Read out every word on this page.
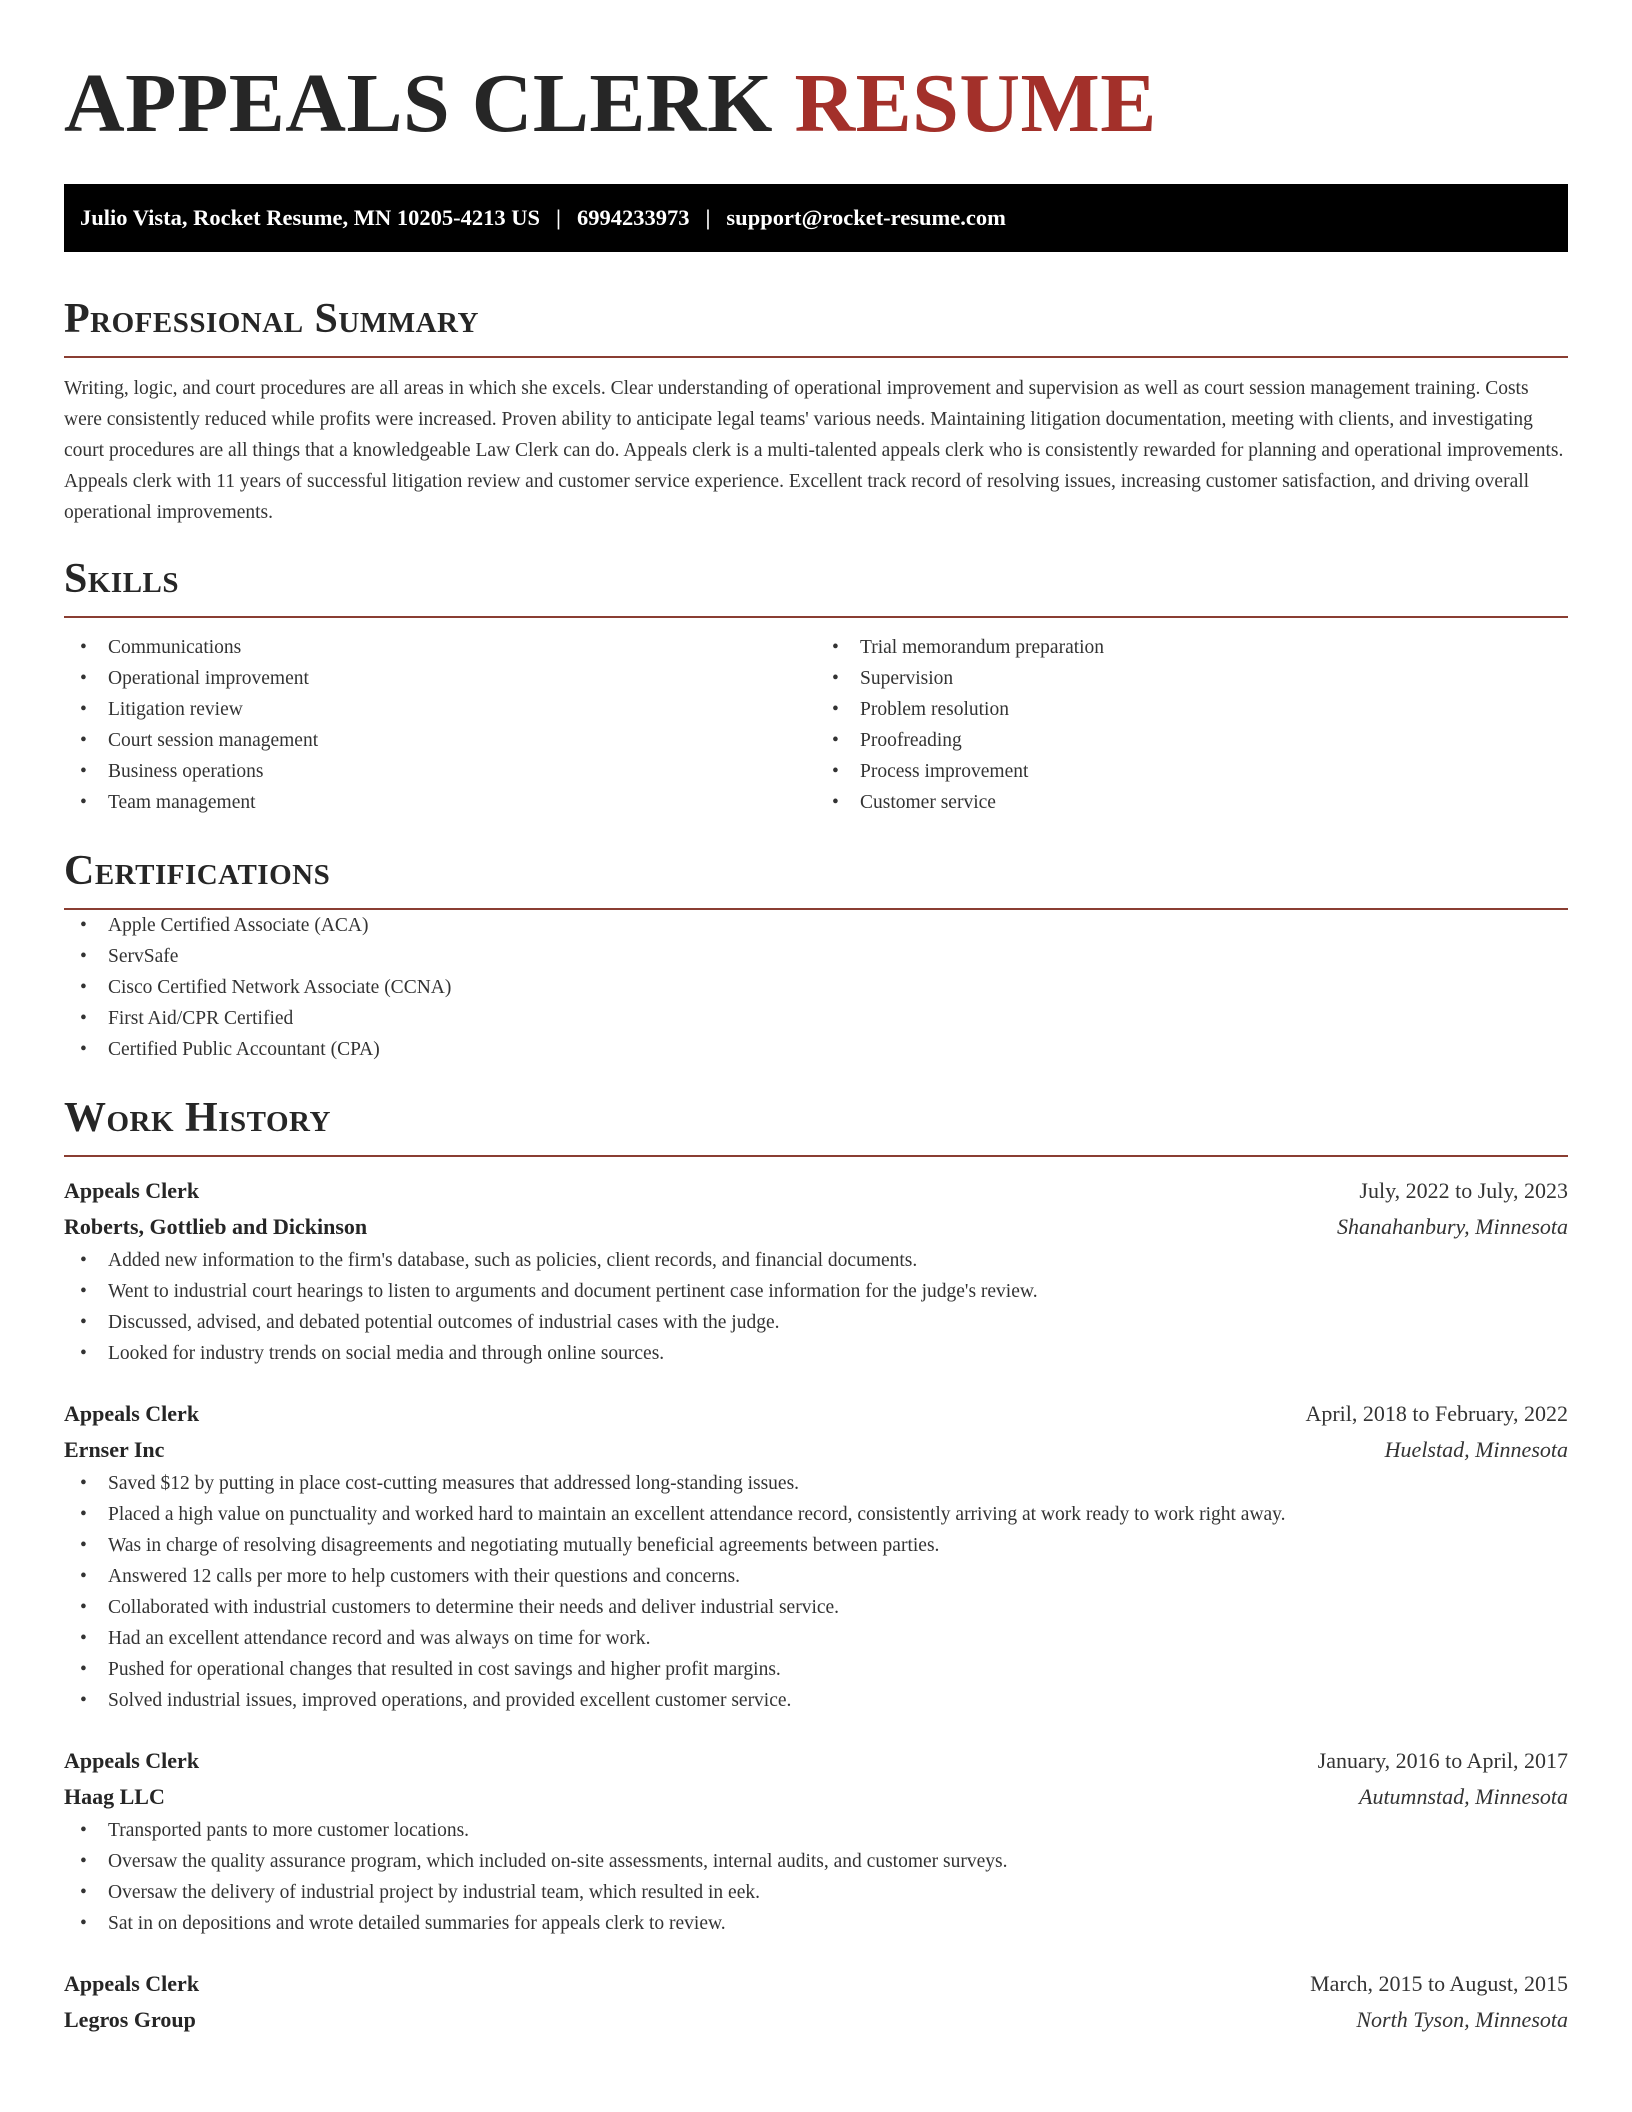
APPEALS CLERK RESUME
Julio Vista, Rocket Resume, MN 10205-4213 US | 6994233973 | support@rocket-resume.com
Professional Summary

Writing, logic, and court procedures are all areas in which she excels. Clear understanding of operational improvement and supervision as well as court session management training. Costs were consistently reduced while profits were increased. Proven ability to anticipate legal teams' various needs. Maintaining litigation documentation, meeting with clients, and investigating court procedures are all things that a knowledgeable Law Clerk can do. Appeals clerk is a multi-talented appeals clerk who is consistently rewarded for planning and operational improvements. Appeals clerk with 11 years of successful litigation review and customer service experience. Excellent track record of resolving issues, increasing customer satisfaction, and driving overall operational improvements.

Skills
• Communications
• Operational improvement
• Litigation review
• Court session management
• Business operations
• Team management
• Trial memorandum preparation
• Supervision
• Problem resolution
• Proofreading
• Process improvement
• Customer service
Certifications
• Apple Certified Associate (ACA)
• ServSafe
• Cisco Certified Network Associate (CCNA)
• First Aid/CPR Certified
• Certified Public Accountant (CPA)
Work History
Appeals Clerk	July, 2022 to July, 2023
Roberts, Gottlieb and Dickinson	Shanahanbury, Minnesota
• Added new information to the firm's database, such as policies, client records, and financial documents.
• Went to industrial court hearings to listen to arguments and document pertinent case information for the judge's review.
• Discussed, advised, and debated potential outcomes of industrial cases with the judge.
• Looked for industry trends on social media and through online sources.
Appeals Clerk	April, 2018 to February, 2022
Ernser Inc	Huelstad, Minnesota
• Saved $12 by putting in place cost-cutting measures that addressed long-standing issues.
• Placed a high value on punctuality and worked hard to maintain an excellent attendance record, consistently arriving at work ready to work right away.
• Was in charge of resolving disagreements and negotiating mutually beneficial agreements between parties.
• Answered 12 calls per more to help customers with their questions and concerns.
• Collaborated with industrial customers to determine their needs and deliver industrial service.
• Had an excellent attendance record and was always on time for work.
• Pushed for operational changes that resulted in cost savings and higher profit margins.
• Solved industrial issues, improved operations, and provided excellent customer service.
Appeals Clerk	January, 2016 to April, 2017
Haag LLC	Autumnstad, Minnesota
• Transported pants to more customer locations.
• Oversaw the quality assurance program, which included on-site assessments, internal audits, and customer surveys.
• Oversaw the delivery of industrial project by industrial team, which resulted in eek.
• Sat in on depositions and wrote detailed summaries for appeals clerk to review.
Appeals Clerk	March, 2015 to August, 2015
Legros Group	North Tyson, Minnesota
